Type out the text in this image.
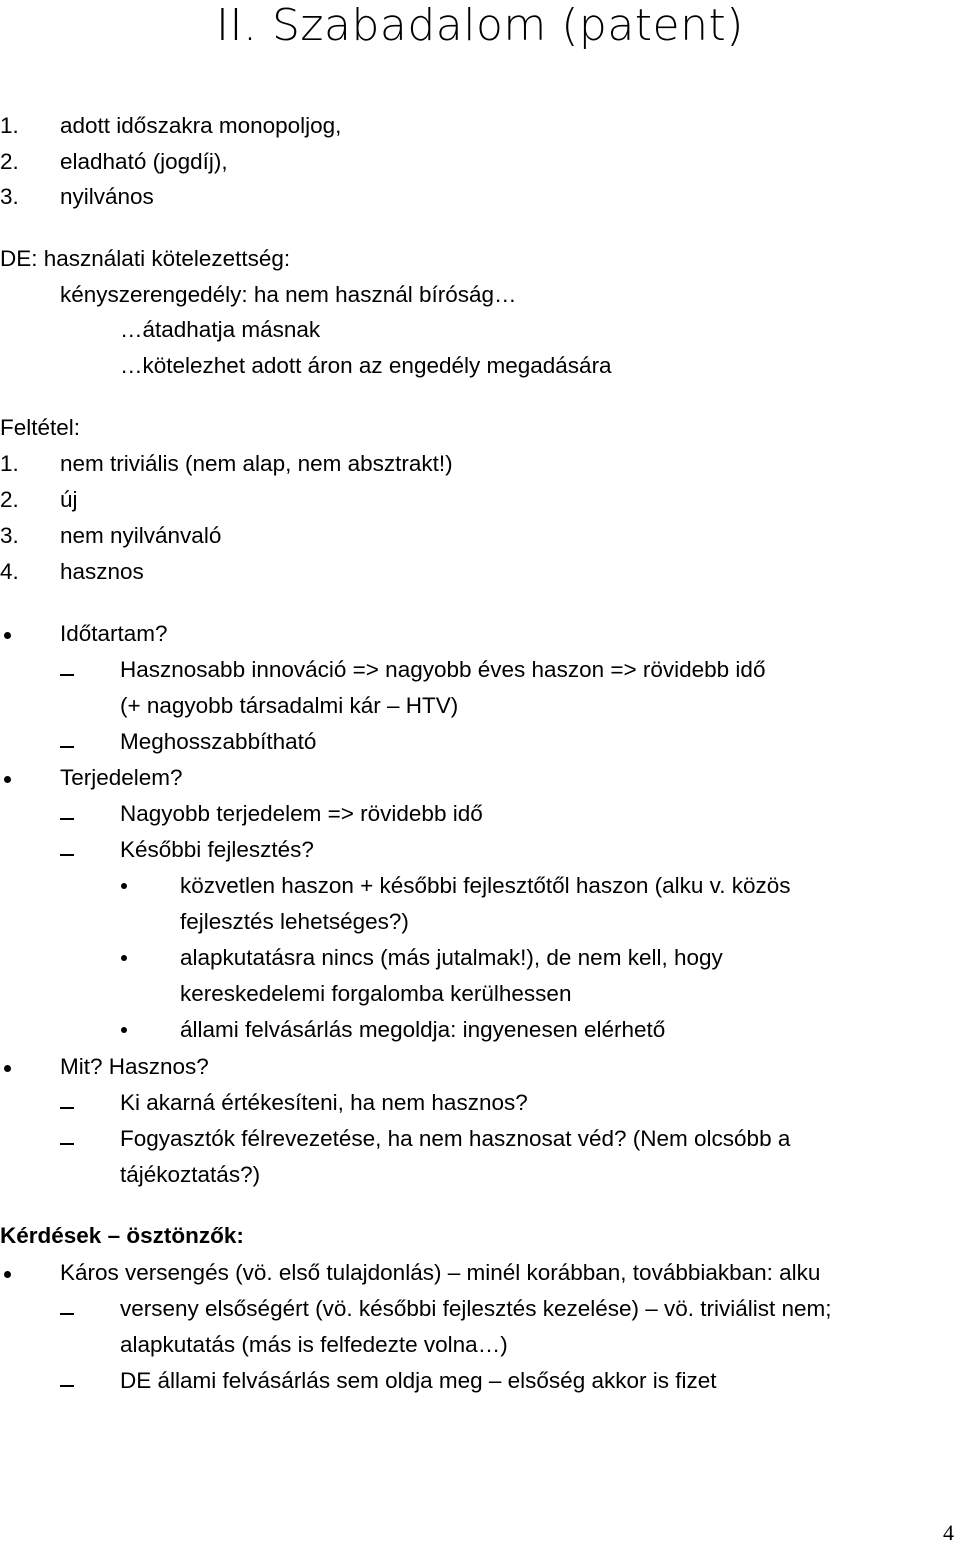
II. Szabadalom (patent)
1. adott időszakra monopoljog,
2. eladható (jogdíj),
3. nyilvános
DE: használati kötelezettség:
kényszerengedély: ha nem használ bíróság…
…átadhatja másnak
…kötelezhet adott áron az engedély megadására
Feltétel:
1. nem triviális (nem alap, nem absztrakt!)
2. új
3. nem nyilvánvaló
4. hasznos
Időtartam?
Hasznosabb innováció => nagyobb éves haszon => rövidebb idő
(+ nagyobb társadalmi kár – HTV)
Meghosszabbítható
Terjedelem?
Nagyobb terjedelem => rövidebb idő
Későbbi fejlesztés?
közvetlen haszon + későbbi fejlesztőtől haszon (alku v. közös
fejlesztés lehetséges?)
alapkutatásra nincs (más jutalmak!), de nem kell, hogy
kereskedelemi forgalomba kerülhessen
állami felvásárlás megoldja: ingyenesen elérhető
Mit? Hasznos?
Ki akarná értékesíteni, ha nem hasznos?
Fogyasztók félrevezetése, ha nem hasznosat véd? (Nem olcsóbb a
tájékoztatás?)
Kérdések – ösztönzők:
Káros versengés (vö. első tulajdonlás) – minél korábban, továbbiakban: alku
verseny elsőségért (vö. későbbi fejlesztés kezelése) – vö. triviálist nem;
alapkutatás (más is felfedezte volna…)
DE állami felvásárlás sem oldja meg – elsőség akkor is fizet
4
